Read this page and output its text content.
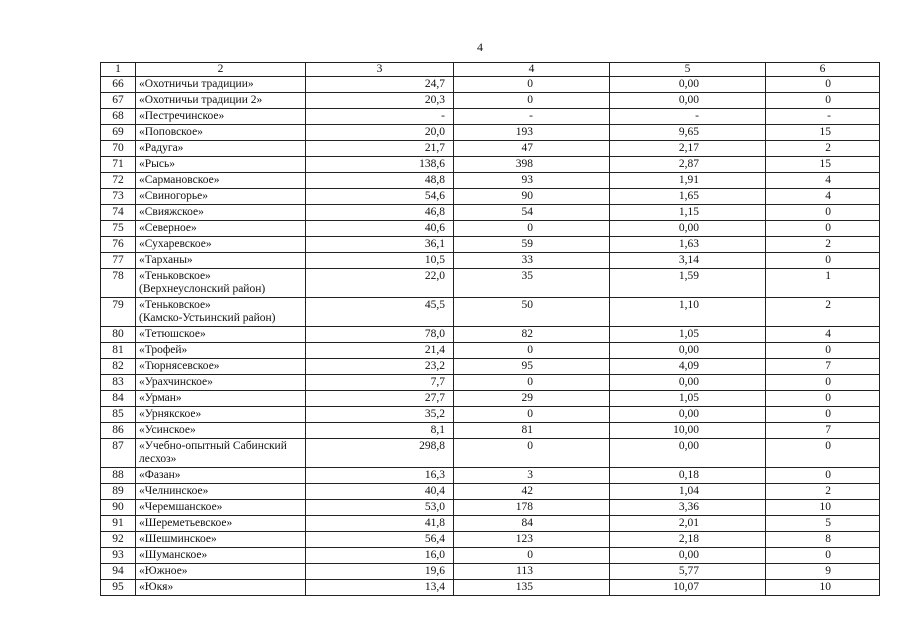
4
1	2	3	4	5	6
66	«Охотничьи традиции»	24,7	0	0,00	0
67	«Охотничьи традиции 2»	20,3	0	0,00	0
68	«Пестречинское»	-	-	-	-
69	«Поповское»	20,0	193	9,65	15
70	«Радуга»	21,7	47	2,17	2
71	«Рысь»	138,6	398	2,87	15
72	«Сармановское»	48,8	93	1,91	4
73	«Свиногорье»	54,6	90	1,65	4
74	«Свияжское»	46,8	54	1,15	0
75	«Северное»	40,6	0	0,00	0
76	«Сухаревское»	36,1	59	1,63	2
77	«Тарханы»	10,5	33	3,14	0
78	«Теньковское»
(Верхнеуслонский район)	22,0	35	1,59	1
79	«Теньковское»
(Камско-Устьинский район)	45,5	50	1,10	2
80	«Тетюшское»	78,0	82	1,05	4
81	«Трофей»	21,4	0	0,00	0
82	«Тюрнясевское»	23,2	95	4,09	7
83	«Урахчинское»	7,7	0	0,00	0
84	«Урман»	27,7	29	1,05	0
85	«Урнякское»	35,2	0	0,00	0
86	«Усинское»	8,1	81	10,00	7
87	«Учебно-опытный Сабинский
лесхоз»	298,8	0	0,00	0
88	«Фазан»	16,3	3	0,18	0
89	«Челнинское»	40,4	42	1,04	2
90	«Черемшанское»	53,0	178	3,36	10
91	«Шереметьевское»	41,8	84	2,01	5
92	«Шешминское»	56,4	123	2,18	8
93	«Шуманское»	16,0	0	0,00	0
94	«Южное»	19,6	113	5,77	9
95	«Юкя»	13,4	135	10,07	10
